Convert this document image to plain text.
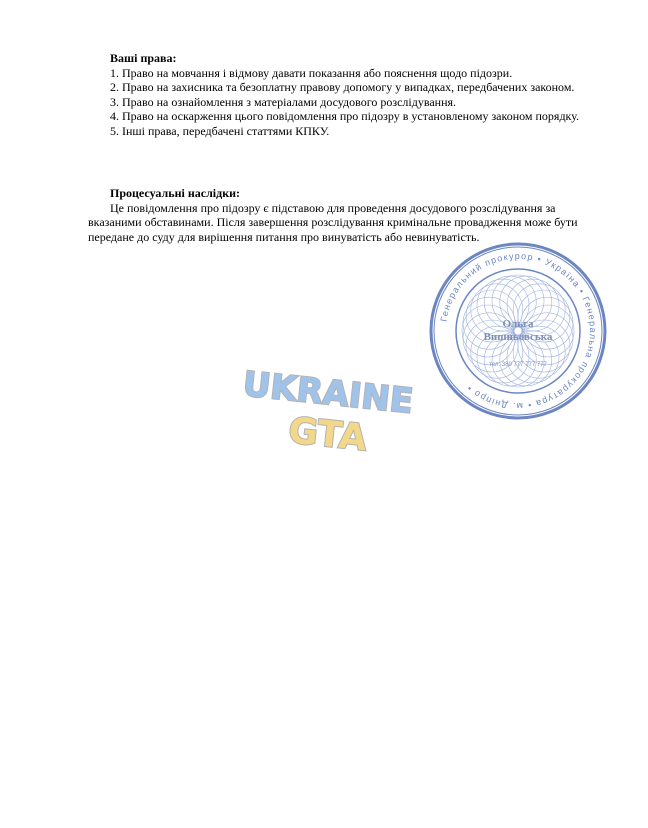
Ваші права:

1. Право на мовчання і відмову давати показання або пояснення щодо підозри.

2. Право на захисника та безоплатну правову допомогу у випадках, передбачених законом.

3. Право на ознайомлення з матеріалами досудового розслідування.

4. Право на оскарження цього повідомлення про підозру в установленому законом порядку.

5. Інші права, передбачені статтями КПКУ.

Процесуальні наслідки:

Це повідомлення про підозру є підставою для проведення досудового розслідування за вказаними обставинами. Після завершення розслідування кримінальне провадження може бути передане до суду для вирішення питання про винуватість або невинуватість.

Генеральний прокурор • Україна • Генеральна прокуратура • м. Дніпро •
Ольга
Вишньовська
тел. 380 777 777 777
UKRAINE
GTA
